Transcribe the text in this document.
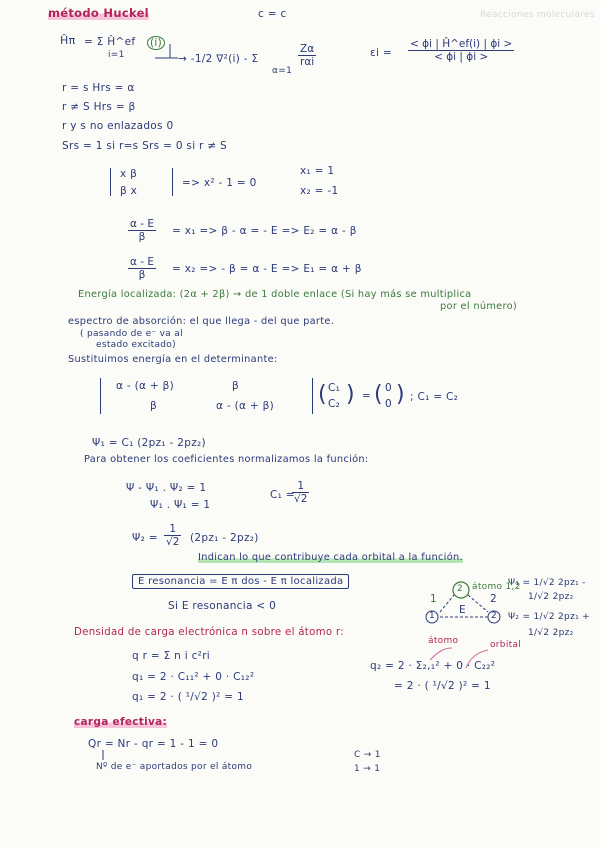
método Huckel	c = c	Reacciones moleculares
Ĥπ = Σ Ĥ^ef
i=1
(i)
→ -1/2 ∇²(i) - Σ
α=1
Zα
rαi
$\varepsilon i = \frac{< \phi i | Ĥ\^{}ef(i) | \phi i >}{< \phi i | \phi i >}$
r = s Hrs = α
r ≠ S Hrs = β
r y s no enlazados 0
Srs = 1 si r=s Srs = 0 si r ≠ S
x β
β x
=> x² - 1 = 0
x₁ = 1
x₂ = -1
$\frac{\alpha - E}{\beta} = x_1 => \beta - \alpha$ = - E => E₂ = α - β
$\frac{\alpha - E}{\beta} = x_2$ => - β = α - E => E₁ = α + β
Energía localizada: (2α + 2β) → de 1 doble enlace (Si hay más se multiplica
por el número)
espectro de absorción: el que llega - del que parte.
( pasando de e⁻ va al
estado excitado)
Sustituimos energía en el determinante:
α - (α + β)	β
β	α - (α + β) ( C₁
C₂ ) = ( 0
0 ) ; C₁ = C₂
Ψ₁ = C₁ (2pz₁ - 2pz₂)
Para obtener los coeficientes normalizamos la función:
Ψ - Ψ₁ . Ψ₂ = 1
Ψ₁ . Ψ₁ = 1
C₁ =
$\frac{1}{√2}$
$\Psi_2 = \frac{1}{√2} (2pz_1 - 2pz_2)$
Indican lo que contribuye cada orbital a la función.
E resonancia = E π dos - E π localizada
Si E resonancia < 0
2 átomo 1,2
1	2
E
1	2
Ψ₁ = 1/√2 2pz₁ -
1/√2 2pz₂
Ψ₂ = 1/√2 2pz₁ +
1/√2 2pz₂
Densidad de carga electrónica n sobre el átomo r:
q r = Σ n i c²ri
q₁ = 2 · C₁₁² + 0 · C₁₂²
q₁ = 2 · ( ¹/√2 )² = 1
átomo	orbital
q₂ = 2 · Σ₂,₁² + 0 · C₂₂²
= 2 · ( ¹/√2 )² = 1
carga efectiva:
Qr = Nr - qr = 1 - 1 = 0
Nº de e⁻ aportados por el átomo
C → 1
1 → 1
